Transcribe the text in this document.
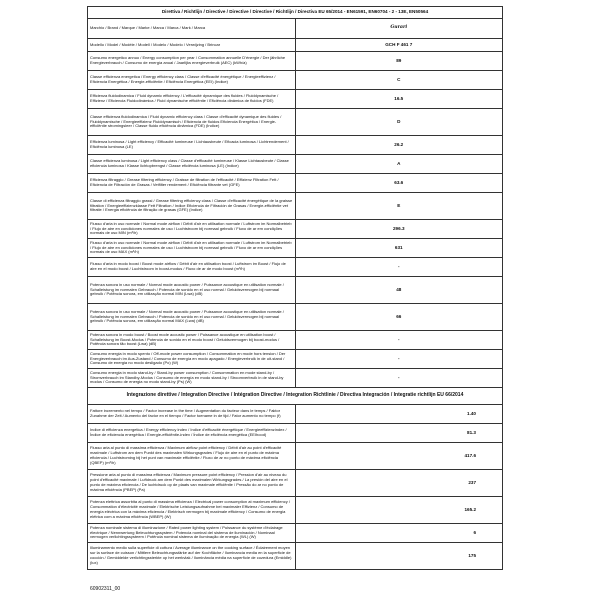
Direttiva / Richtlijn / Directive / Directive / Directive / Richtlijn / Directiva EU 65/2014 - EN61591, EN60704 - 2 - 13E, EN50564	
Marchio / Brand / Marque / Marke / Marca / Marca / Mark / Marca	Gurari
Modello / Model / Modèle / Modell / Modelo / Modelo / Verwijzing / Brincar	GCH F 461 7
Consumo energetico annuo / Energy consumption per year / Consommation annuelle D'énergie / Der jährliche Energieverbrauch / Consumo de energía anual / Jaarlijks energieverbruik (AEC) (kWh/a)	89
Classe efficienza energetica / Energy efficiency class / Classe d'efficacité énergétique / Energieeffizienz / Eficiencia Energética / Energie-efficiëntie / Eficiência Energética (EEI) (Indice)	C
Efficienza fluidodinamica / Fluid dynamic efficiency / L'efficacité dynamique des fluides / Fluiddynamische / Effizienz / Eficiencia Fluidodinámica / Fluid dynamische efficiëntie / Eficiência dinâmica de fluidos (FDE)	16.5
Classe efficienza fluidodinamica / Fluid dynamic efficiency class / Classe d'efficacité dynamique des fluides / Fluiddynamische / Energieeffizienz Fluiddynamisch / Eficiencia de fluidos Eficiencia Energética / Energie-efficiëntie stromingsleer / Classe fluido eficiência dinâmica (FDE) (Indice)	D
Efficienza luminosa / Light efficiency / Efficacité lumineuse / Lichtausbeute / Eficacia luminosa / Lichtrendement / Eficiência luminosa (LE)	26.2
Classe efficienza luminosa / Light efficiency class / Classe d'efficacité lumineuse / Klasse Lichtausbeute / Classe eficiencia luminosa / Klasse lichtopbrengst / Classe eficiência luminosa (LE) (Indice)	A
Efficienza filtraggio / Grease filtering efficiency / Graisse de filtration de l'efficacité / Effizienz Filtration Fett / Eficiencia de Filtración de Grasas / Vetfilter rendement / Eficiência filtrante vet (GFE)	63.6
Classe di efficienza filtraggio grassi / Grease filtering efficiency class / Classe d'efficacité énergétique de la graisse filtration / Energieeffizienzklasse Fett Filtration / Indice Eficiencia de Filtración de Grasas / Energie-efficiëntie vet filtratie / Energia eficiência de filtração de grasas (GFE) (Indice)	E
Flusso d'aria in uso normale / Normal mode airflow / Débit d'air en utilisation normale / Luftstrom im Normalbetrieb / Flujo de aire en condiciones normales de uso / Luchtstroom bij normaal gebruik / Fluxo de ar em condições normais de uso MIN (m³/h)	296.3
Flusso d'aria in uso normale / Normal mode airflow / Débit d'air en utilisation normale / Luftstrom im Normalbetrieb / Flujo de aire en condiciones normales de uso / Luchtstroom bij normaal gebruik / Fluxo de ar em condições normais de uso MAX (m³/h)	631
Flusso d'aria in modo boost / Boost mode airflow / Débit d'air en utilisation boost / Luftstrom im Boost / Flujo de aire en el modo boost / Luchtstroom in boost-modus / Fluxo de ar de modo boost (m³/h)	-
Potenza sonora in uso normale / Normal mode acoustic power / Puissance acoustique en utilisation normale / Schalleistung im normalen Gebrauch / Potencia de sonido en el uso normal / Geluidsvermogen bij normaal gebruik / Potência sonora, em utilização normal MIN (Lwa) (dB)	48
Potenza sonora in uso normale / Normal mode acoustic power / Puissance acoustique en utilisation normale / Schalleistung im normalen Gebrauch / Potencia de sonido en el uso normal / Geluidsvermogen bij normaal gebruik / Potência sonora, em utilização normal MAX (Lwa) (dB)	66
Potenza sonora in modo boost / Boost mode acoustic power / Puissance acoustique en utilisation boost / Schalleistung im Boost-Modus / Potencia de sonido en el modo boost / Geluidsvermogen bij boost-modus / Potência sonora tão boost (Lwa) (dB)	-
Consumo energia in modo spento / Off-mode power consumption / Consommation en mode hors tension / Der Energieverbrauch im Aus-Zustand / Consumo de energía en modo apagado / Energieverbruik in de uit-stand / Consumo de energia no modo desligado (Po) (W)	-
Consumo energia in modo stand-by / Stand-by power consumption / Consommation en mode stand-by / Stromverbrauch im Standby-Modus / Consumo de energía en modo stand-by / Stroomverbruik in de stand-by modus / Consumo de energia no modo stand-by (Ps) (W)	-
Integrazione direttive / Integration Directive / Intégration Directive / Integration Richtlinie / Directiva Integración / Integratie richtlijn EU 66/2014	
Fattore incremento nel tempo / Factor increase in the time / Augmentation du facteur dans le temps / Faktor Zunahme der Zeit / Aumento del factor en el tiempo / Factor toename in de tijd / Fator aumento no tempo (f)	1.40
Indice di efficienza energetica / Energy efficiency index / Indice d'efficacité énergétique / Energieeffizienzindex / Índice de eficiencia energética / Energie-efficiëntie-index / Índice de eficiência energética (EEIhood)	81.3
Flusso aria al punto di massima efficienza / Maximum airflow point efficiency / Débit d'air au point d'efficacité maximale / Luftstrom am dem Punkt des maximalen Wirkungsgrades / Flujo de aire en el punto de máxima eficiencia / Luchtstroming bij het punt van maximale efficiëntie / Fluxo de ar no ponto de máxima eficiência (QBEP) (m³/h)	417.6
Pressione aria al punto di massima efficienza / Maximum pressure point efficiency / Pression d'air au niveau du point d'efficacité maximale / Luftdruck am dem Punkt des maximalen Wirkungsgrades / La presión del aire en el punto de máxima eficiencia / De luchtdruck op de plaats van maximale efficiëntie / Pressão do ar no ponto de máxima eficiência (PBEP) (Pa)	237
Potenza elettrica assorbita al punto di massima efficienza / Electrical power consumption at maximum efficiency / Consommation d'électricité maximale / Elektrische Leistungsaufnahme bei maximaler Effizienz / Consumo de energía eléctrica con la máxima eficiencia / Elektrisch vermogen bij maximale efficiency / Consumo de energia elétrica com a máxima eficiência (WBEP) (W)	165.2
Potenza nominale sistema di illuminazione / Rated power lighting system / Puissance du système d'éclairage électrique / Nennwertung Beleuchtungssystem / Potencia nominal del sistema de iluminación / Nominaal vermogen verlichtingssysteem / Potência nominal sistema de iluminação de energia (WL) (W)	6
Illuminamento medio sulla superficie di cottura / Average illuminance on the cooking surface / Éclairement moyen sur la surface de cuisson / Mittlere Beleuchtungsstärke auf der Kochfläche / Iluminancia media en la superficie de cocción / Gemiddelde verlichtingssterkte op het werkvlak / Iluminância média na superfície de cozedura (Emiddle) (lux)	175
60902311_00
